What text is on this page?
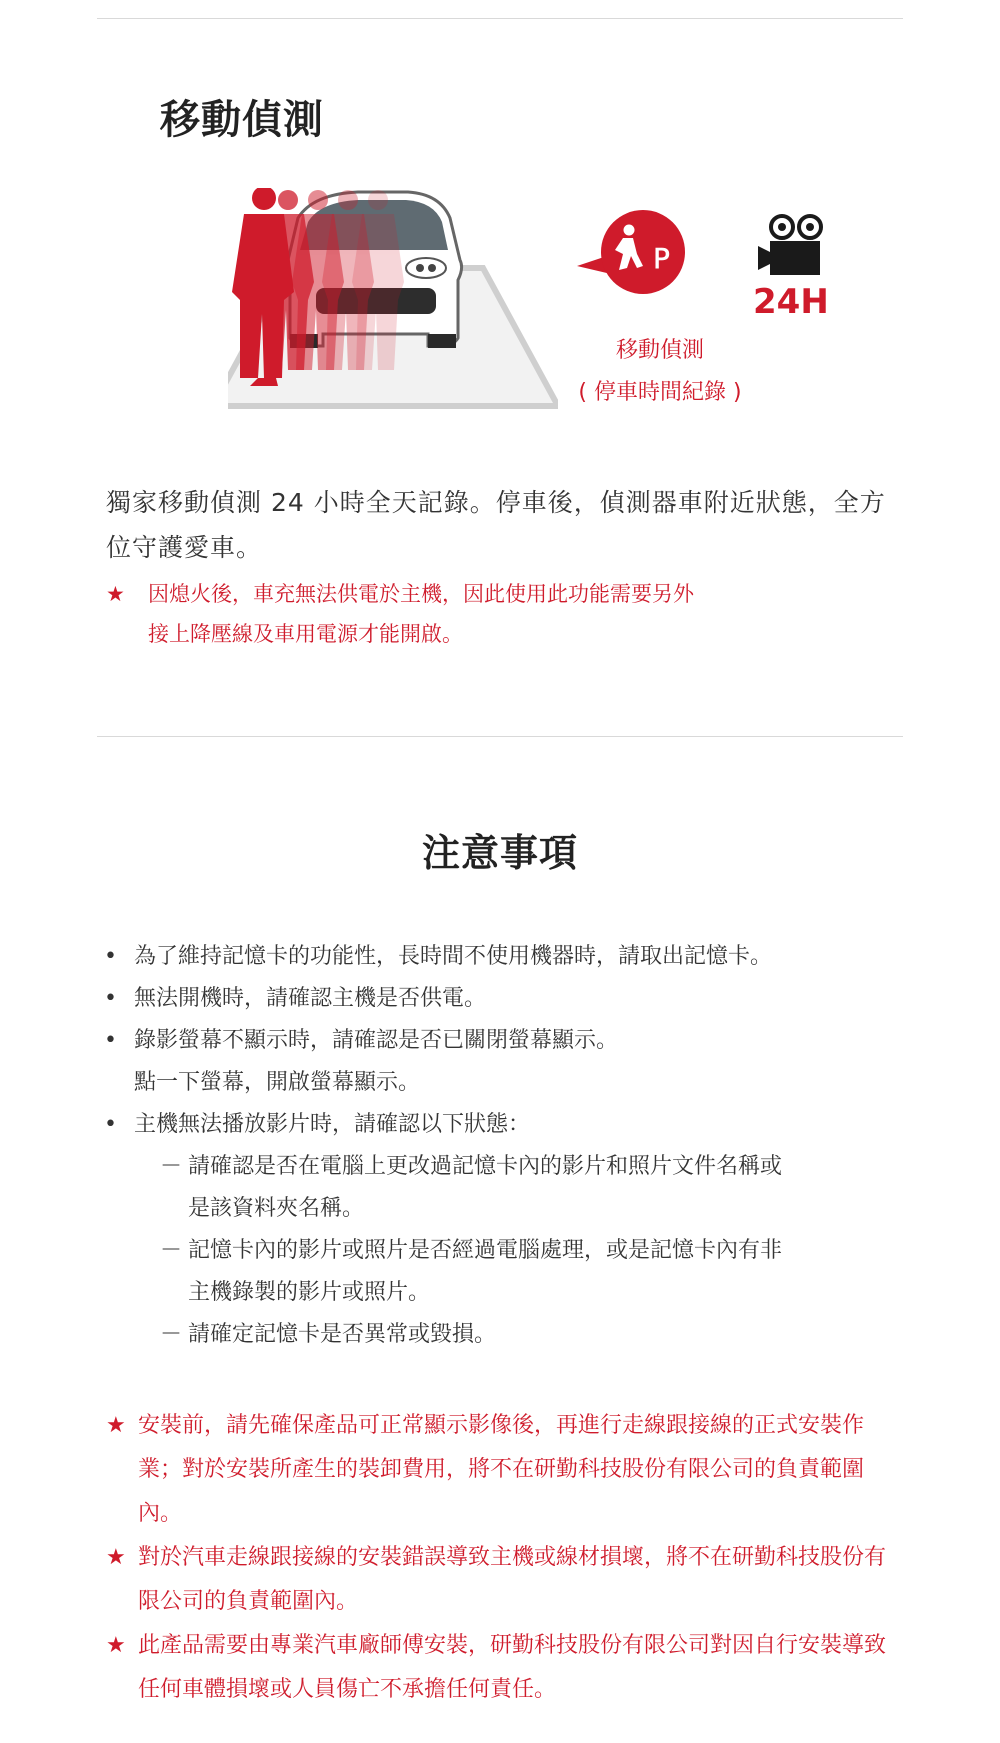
移動偵測
P
24H
移動偵測
( 停車時間紀錄 )

獨家移動偵測 24 小時全天記錄。停車後，偵測器車附近狀態，全方位守護愛車。

★ 因熄火後，車充無法供電於主機，因此使用此功能需要另外
接上降壓線及車用電源才能開啟。
注意事項
• 為了維持記憶卡的功能性，長時間不使用機器時，請取出記憶卡。
• 無法開機時，請確認主機是否供電。
• 錄影螢幕不顯示時，請確認是否已關閉螢幕顯示。
點一下螢幕，開啟螢幕顯示。
• 主機無法播放影片時，請確認以下狀態：
－ 請確認是否在電腦上更改過記憶卡內的影片和照片文件名稱或
是該資料夾名稱。
－ 記憶卡內的影片或照片是否經過電腦處理，或是記憶卡內有非
主機錄製的影片或照片。
－ 請確定記憶卡是否異常或毀損。
★ 安裝前，請先確保產品可正常顯示影像後，再進行走線跟接線的正式安裝作業；對於安裝所產生的裝卸費用，將不在研勤科技股份有限公司的負責範圍內。
★ 對於汽車走線跟接線的安裝錯誤導致主機或線材損壞，將不在研勤科技股份有限公司的負責範圍內。
★ 此產品需要由專業汽車廠師傅安裝，研勤科技股份有限公司對因自行安裝導致任何車體損壞或人員傷亡不承擔任何責任。
